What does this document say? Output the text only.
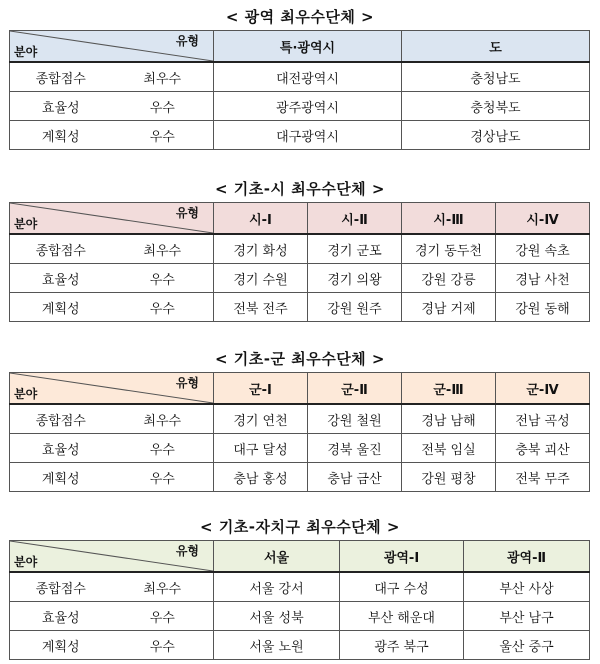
< 광역 최우수단체 >
유형
분야	특·광역시	도

종합점수 최우수	대전광역시	충청남도

효율성 우수	광주광역시	충청북도

계획성 우수	대구광역시	경상남도
< 기초-시 최우수단체 >
유형
분야	시-Ⅰ	시-Ⅱ	시-Ⅲ	시-Ⅳ

종합점수 최우수	경기 화성	경기 군포	경기 동두천	강원 속초

효율성 우수	경기 수원	경기 의왕	강원 강릉	경남 사천

계획성 우수	전북 전주	강원 원주	경남 거제	강원 동해
< 기초-군 최우수단체 >
유형
분야	군-Ⅰ	군-Ⅱ	군-Ⅲ	군-Ⅳ

종합점수 최우수	경기 연천	강원 철원	경남 남해	전남 곡성

효율성 우수	대구 달성	경북 울진	전북 임실	충북 괴산

계획성 우수	충남 홍성	충남 금산	강원 평창	전북 무주
< 기초-자치구 최우수단체 >
유형
분야	서울	광역-Ⅰ	광역-Ⅱ

종합점수 최우수	서울 강서	대구 수성	부산 사상

효율성 우수	서울 성북	부산 해운대	부산 남구

계획성 우수	서울 노원	광주 북구	울산 중구
